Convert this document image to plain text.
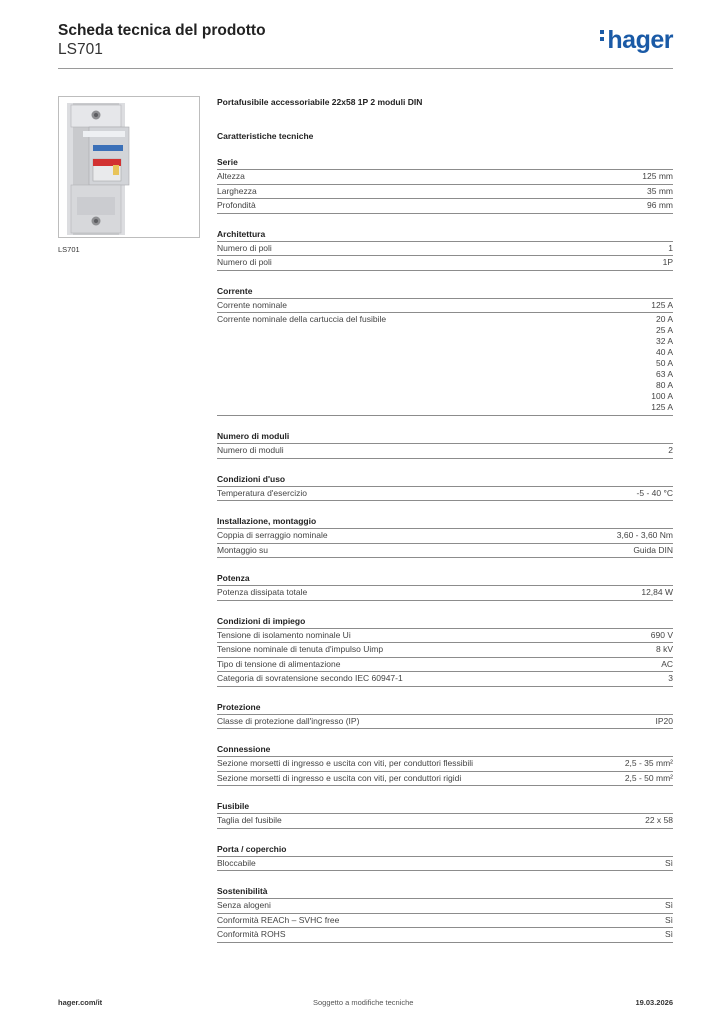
Scheda tecnica del prodotto
LS701	hager
LS701
Portafusibile accessoriabile 22x58 1P 2 moduli DIN
Caratteristiche tecniche
Serie
Altezza	125 mm
Larghezza	35 mm
Profondità	96 mm
Architettura
Numero di poli	1
Numero di poli	1P
Corrente
Corrente nominale	125 A
Corrente nominale della cartuccia del fusibile	20 A
25 A
32 A
40 A
50 A
63 A
80 A
100 A
125 A
Numero di moduli
Numero di moduli	2
Condizioni d'uso
Temperatura d'esercizio	-5 - 40 °C
Installazione, montaggio
Coppia di serraggio nominale	3,60 - 3,60 Nm
Montaggio su	Guida DIN
Potenza
Potenza dissipata totale	12,84 W
Condizioni di impiego
Tensione di isolamento nominale Ui	690 V
Tensione nominale di tenuta d'impulso Uimp	8 kV
Tipo di tensione di alimentazione	AC
Categoria di sovratensione secondo IEC 60947-1	3
Protezione
Classe di protezione dall'ingresso (IP)	IP20
Connessione
Sezione morsetti di ingresso e uscita con viti, per conduttori flessibili	2,5 - 35 mm²
Sezione morsetti di ingresso e uscita con viti, per conduttori rigidi	2,5 - 50 mm²
Fusibile
Taglia del fusibile	22 x 58
Porta / coperchio
Bloccabile	Sì
Sostenibilità
Senza alogeni	Sì
Conformità REACh – SVHC free	Sì
Conformità ROHS	Sì
hager.com/it	Soggetto a modifiche tecniche	19.03.2026
